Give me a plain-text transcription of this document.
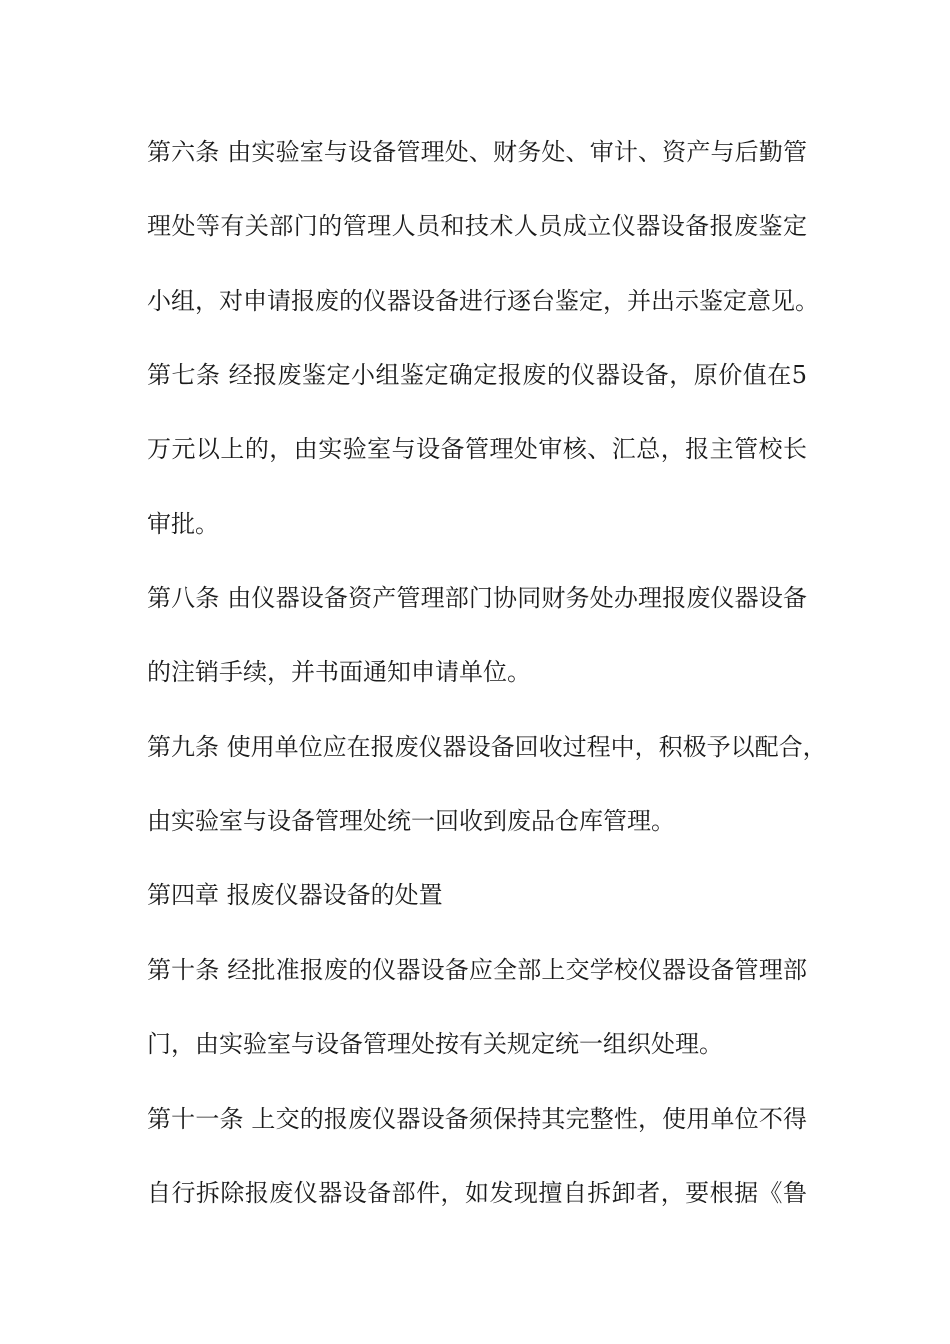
第六条 由实验室与设备管理处、财务处、审计、资产与后勤管
理处等有关部门的管理人员和技术人员成立仪器设备报废鉴定
小组，对申请报废的仪器设备进行逐台鉴定，并出示鉴定意见。
第七条 经报废鉴定小组鉴定确定报废的仪器设备，原价值在5
万元以上的，由实验室与设备管理处审核、汇总，报主管校长
审批。
第八条 由仪器设备资产管理部门协同财务处办理报废仪器设备
的注销手续，并书面通知申请单位。
第九条 使用单位应在报废仪器设备回收过程中，积极予以配合，
由实验室与设备管理处统一回收到废品仓库管理。
第四章 报废仪器设备的处置
第十条 经批准报废的仪器设备应全部上交学校仪器设备管理部
门，由实验室与设备管理处按有关规定统一组织处理。
第十一条 上交的报废仪器设备须保持其完整性，使用单位不得
自行拆除报废仪器设备部件，如发现擅自拆卸者，要根据《鲁
